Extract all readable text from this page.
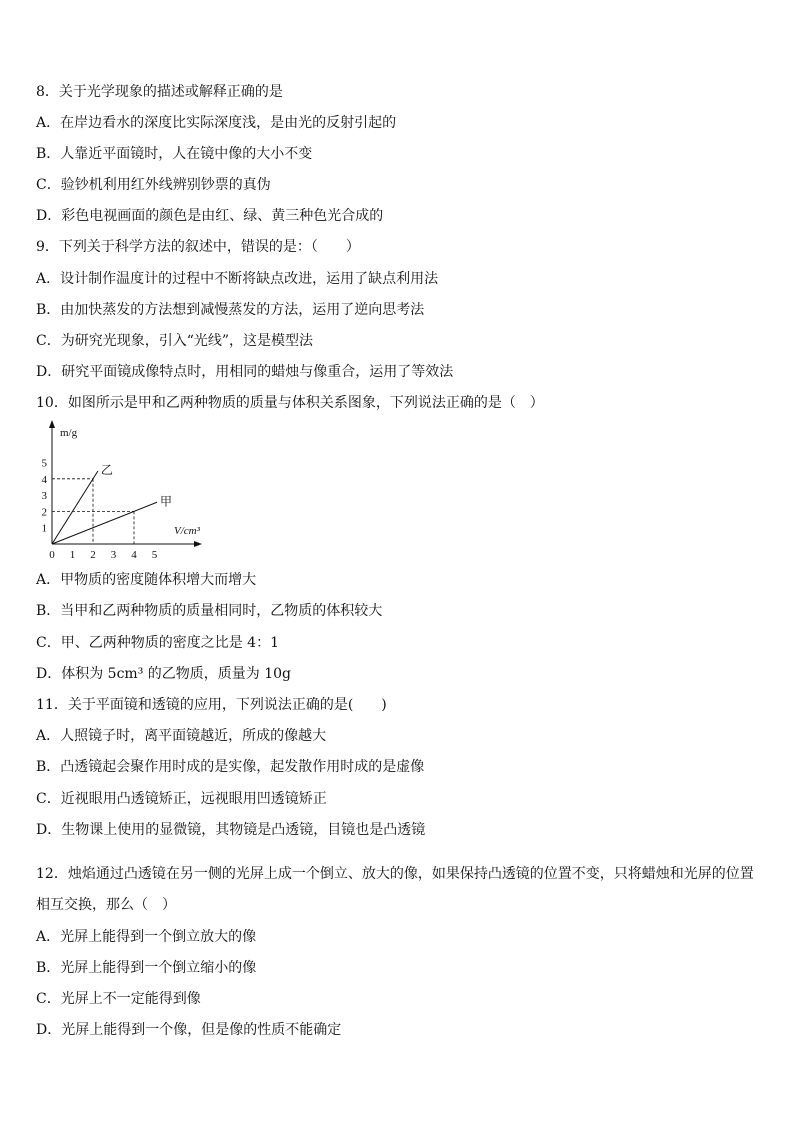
8．关于光学现象的描述或解释正确的是
A．在岸边看水的深度比实际深度浅，是由光的反射引起的
B．人靠近平面镜时，人在镜中像的大小不变
C．验钞机利用红外线辨别钞票的真伪
D．彩色电视画面的颜色是由红、绿、黄三种色光合成的
9．下列关于科学方法的叙述中，错误的是：（　　）
A．设计制作温度计的过程中不断将缺点改进，运用了缺点利用法
B．由加快蒸发的方法想到减慢蒸发的方法，运用了逆向思考法
C．为研究光现象，引入“光线”，这是模型法
D．研究平面镜成像特点时，用相同的蜡烛与像重合，运用了等效法
10．如图所示是甲和乙两种物质的质量与体积关系图象，下列说法正确的是（　）
0 1 2 3 4 5
1
2
3
4
5	乙
甲
m/g
V/cm³
A．甲物质的密度随体积增大而增大
B．当甲和乙两种物质的质量相同时，乙物质的体积较大
C．甲、乙两种物质的密度之比是 4：1
D．体积为 5cm³ 的乙物质，质量为 10g
11．关于平面镜和透镜的应用，下列说法正确的是(　　)
A．人照镜子时，离平面镜越近，所成的像越大
B．凸透镜起会聚作用时成的是实像，起发散作用时成的是虚像
C．近视眼用凸透镜矫正，远视眼用凹透镜矫正
D．生物课上使用的显微镜，其物镜是凸透镜，目镜也是凸透镜
12．烛焰通过凸透镜在另一侧的光屏上成一个倒立、放大的像，如果保持凸透镜的位置不变，只将蜡烛和光屏的位置
相互交换，那么（　）
A．光屏上能得到一个倒立放大的像
B．光屏上能得到一个倒立缩小的像
C．光屏上不一定能得到像
D．光屏上能得到一个像，但是像的性质不能确定
